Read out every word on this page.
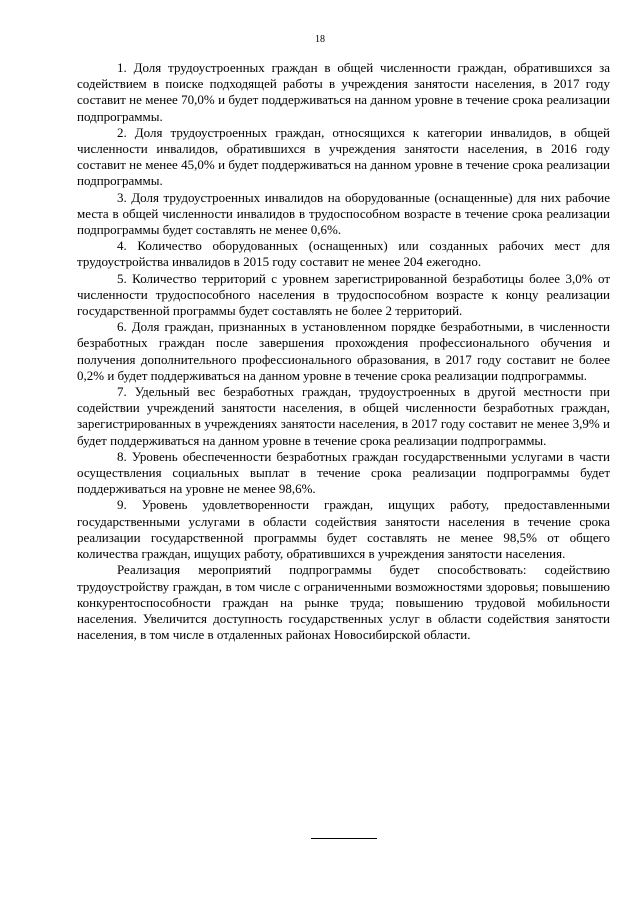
18

1. Доля трудоустроенных граждан в общей численности граждан, обратившихся за содействием в поиске подходящей работы в учреждения занятости населения, в 2017 году составит не менее 70,0% и будет поддерживаться на данном уровне в течение срока реализации подпрограммы.

2. Доля трудоустроенных граждан, относящихся к категории инвалидов, в общей численности инвалидов, обратившихся в учреждения занятости населения, в 2016 году составит не менее 45,0% и будет поддерживаться на данном уровне в течение срока реализации подпрограммы.

3. Доля трудоустроенных инвалидов на оборудованные (оснащенные) для них рабочие места в общей численности инвалидов в трудоспособном возрасте в течение срока реализации подпрограммы будет составлять не менее 0,6%.

4. Количество оборудованных (оснащенных) или созданных рабочих мест для трудоустройства инвалидов в 2015 году составит не менее 204 ежегодно.

5. Количество территорий с уровнем зарегистрированной безработицы более 3,0% от численности трудоспособного населения в трудоспособном возрасте к концу реализации государственной программы будет составлять не более 2 территорий.

6. Доля граждан, признанных в установленном порядке безработными, в численности безработных граждан после завершения прохождения профессионального обучения и получения дополнительного профессионального образования, в 2017 году составит не более 0,2% и будет поддерживаться на данном уровне в течение срока реализации подпрограммы.

7. Удельный вес безработных граждан, трудоустроенных в другой местности при содействии учреждений занятости населения, в общей численности безработных граждан, зарегистрированных в учреждениях занятости населения, в 2017 году составит не менее 3,9% и будет поддерживаться на данном уровне в течение срока реализации подпрограммы.

8. Уровень обеспеченности безработных граждан государственными услугами в части осуществления социальных выплат в течение срока реализации подпрограммы будет поддерживаться на уровне не менее 98,6%.

9. Уровень удовлетворенности граждан, ищущих работу, предоставленными государственными услугами в области содействия занятости населения в течение срока реализации государственной программы будет составлять не менее 98,5% от общего количества граждан, ищущих работу, обратившихся в учреждения занятости населения.

Реализация мероприятий подпрограммы будет способствовать: содействию трудоустройству граждан, в том числе с ограниченными возможностями здоровья; повышению конкурентоспособности граждан на рынке труда; повышению трудовой мобильности населения. Увеличится доступность государственных услуг в области содействия занятости населения, в том числе в отдаленных районах Новосибирской области.
